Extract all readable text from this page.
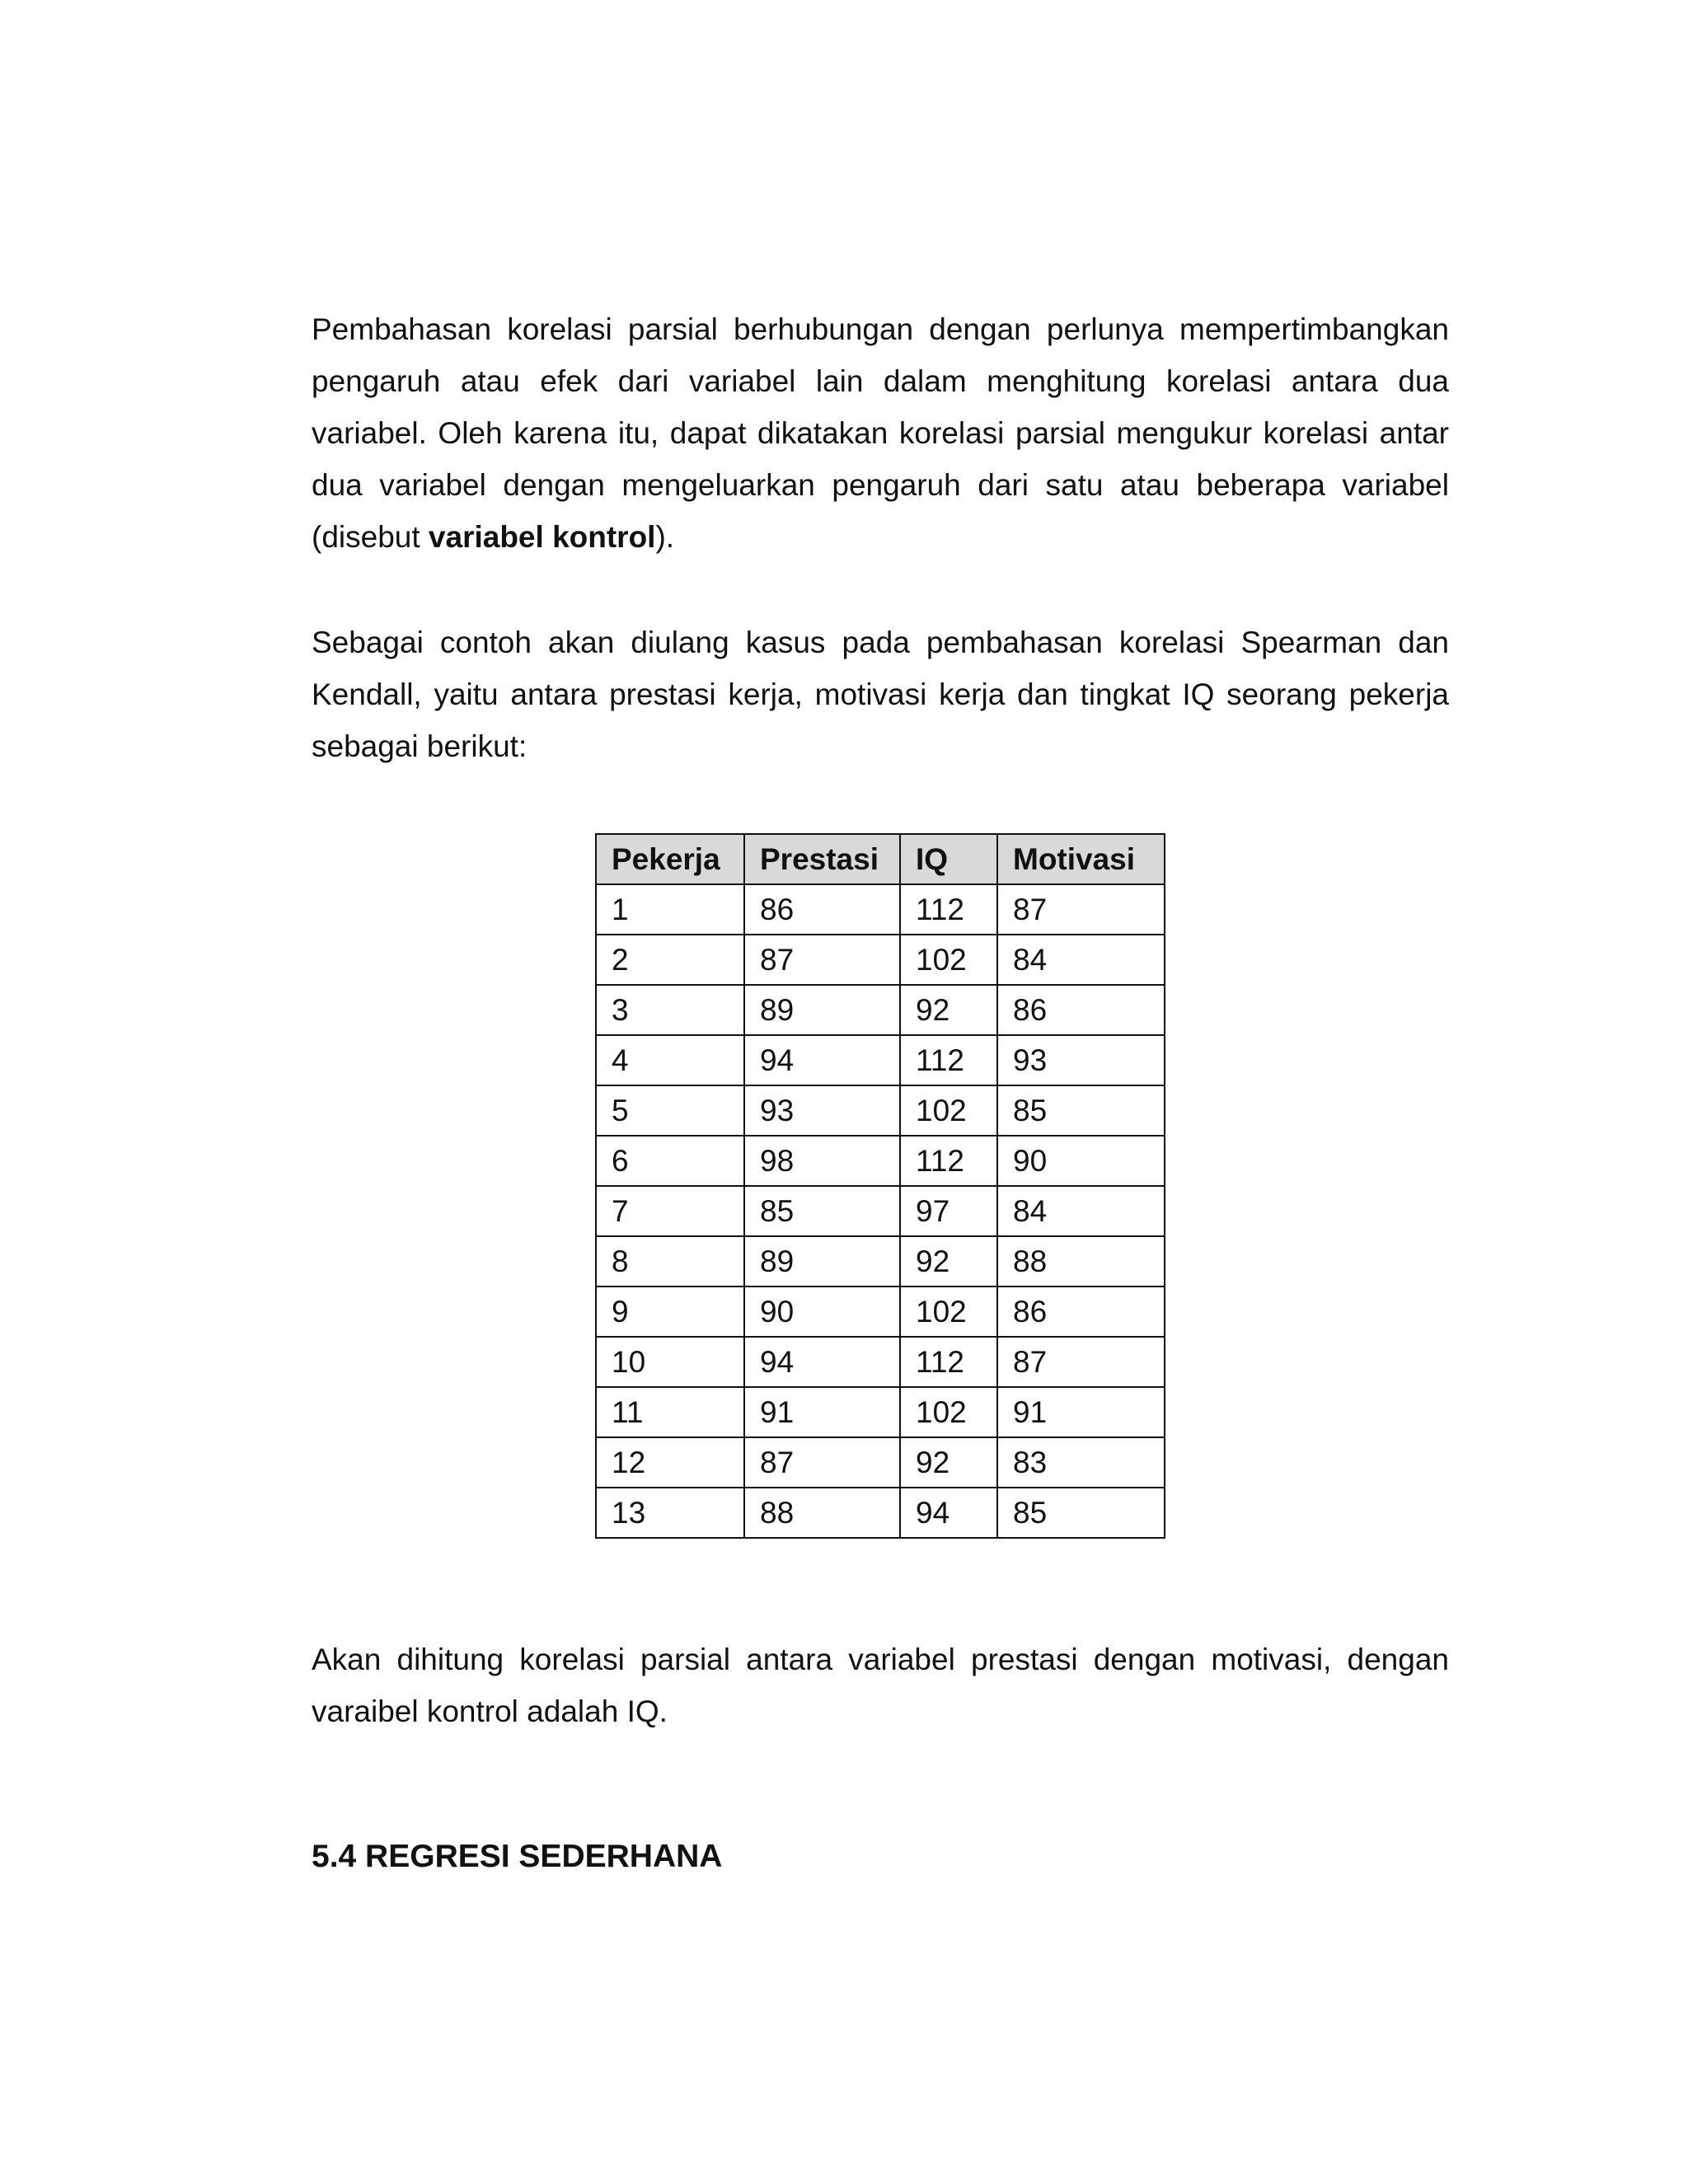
Pembahasan korelasi parsial berhubungan dengan perlunya mempertimbangkan pengaruh atau efek dari variabel lain dalam menghitung korelasi antara dua variabel. Oleh karena itu, dapat dikatakan korelasi parsial mengukur korelasi antar dua variabel dengan mengeluarkan pengaruh dari satu atau beberapa variabel (disebut variabel kontrol).

Sebagai contoh akan diulang kasus pada pembahasan korelasi Spearman dan Kendall, yaitu antara prestasi kerja, motivasi kerja dan tingkat IQ seorang pekerja sebagai berikut:

Pekerja	Prestasi	IQ	Motivasi
1	86	112	87
2	87	102	84
3	89	92	86
4	94	112	93
5	93	102	85
6	98	112	90
7	85	97	84
8	89	92	88
9	90	102	86
10	94	112	87
11	91	102	91
12	87	92	83
13	88	94	85

Akan dihitung korelasi parsial antara variabel prestasi dengan motivasi, dengan varaibel kontrol adalah IQ.

5.4 REGRESI SEDERHANA
